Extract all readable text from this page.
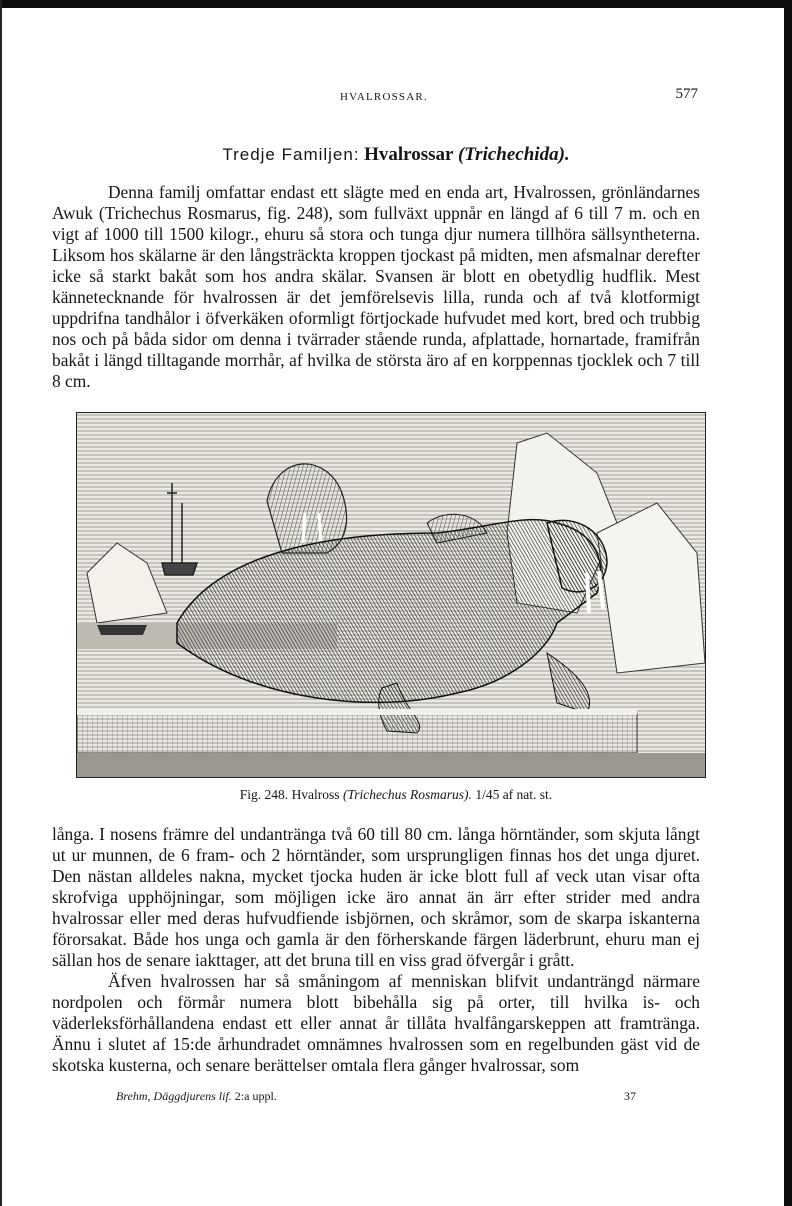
HVALROSSAR.	577
Tredje Familjen: Hvalrossar (Trichechida).

Denna familj omfattar endast ett slägte med en enda art, Hvalrossen, grönländarnes Awuk (Trichechus Rosmarus, fig. 248), som fullväxt uppnår en längd af 6 till 7 m. och en vigt af 1000 till 1500 kilogr., ehuru så stora och tunga djur numera tillhöra sällsyntheterna. Liksom hos skälarne är den långsträckta kroppen tjockast på midten, men afsmalnar derefter icke så starkt bakåt som hos andra skälar. Svansen är blott en obetydlig hudflik. Mest kännetecknande för hvalrossen är det jemförelsevis lilla, runda och af två klotformigt uppdrifna tandhålor i öfverkäken oformligt förtjockade hufvudet med kort, bred och trubbig nos och på båda sidor om denna i tvärrader stående runda, afplattade, hornartade, framifrån bakåt i längd tilltagande morrhår, af hvilka de största äro af en korppennas tjocklek och 7 till 8 cm.

Fig. 248. Hvalross (Trichechus Rosmarus). 1/45 af nat. st.

långa. I nosens främre del undantränga två 60 till 80 cm. långa hörntänder, som skjuta långt ut ur munnen, de 6 fram- och 2 hörntänder, som ursprungligen finnas hos det unga djuret. Den nästan alldeles nakna, mycket tjocka huden är icke blott full af veck utan visar ofta skrofviga upphöjningar, som möjligen icke äro annat än ärr efter strider med andra hvalrossar eller med deras hufvudfiende isbjörnen, och skråmor, som de skarpa iskanterna förorsakat. Både hos unga och gamla är den förherskande färgen läderbrunt, ehuru man ej sällan hos de senare iakttager, att det bruna till en viss grad öfvergår i grått.

Äfven hvalrossen har så småningom af menniskan blifvit undanträngd närmare nordpolen och förmår numera blott bibehålla sig på orter, till hvilka is- och väderleksförhållandena endast ett eller annat år tillåta hvalfångarskeppen att framtränga. Ännu i slutet af 15:de århundradet omnämnes hvalrossen som en regelbunden gäst vid de skotska kusterna, och senare berättelser omtala flera gånger hvalrossar, som

Brehm, Däggdjurens lif. 2:a uppl.	37
